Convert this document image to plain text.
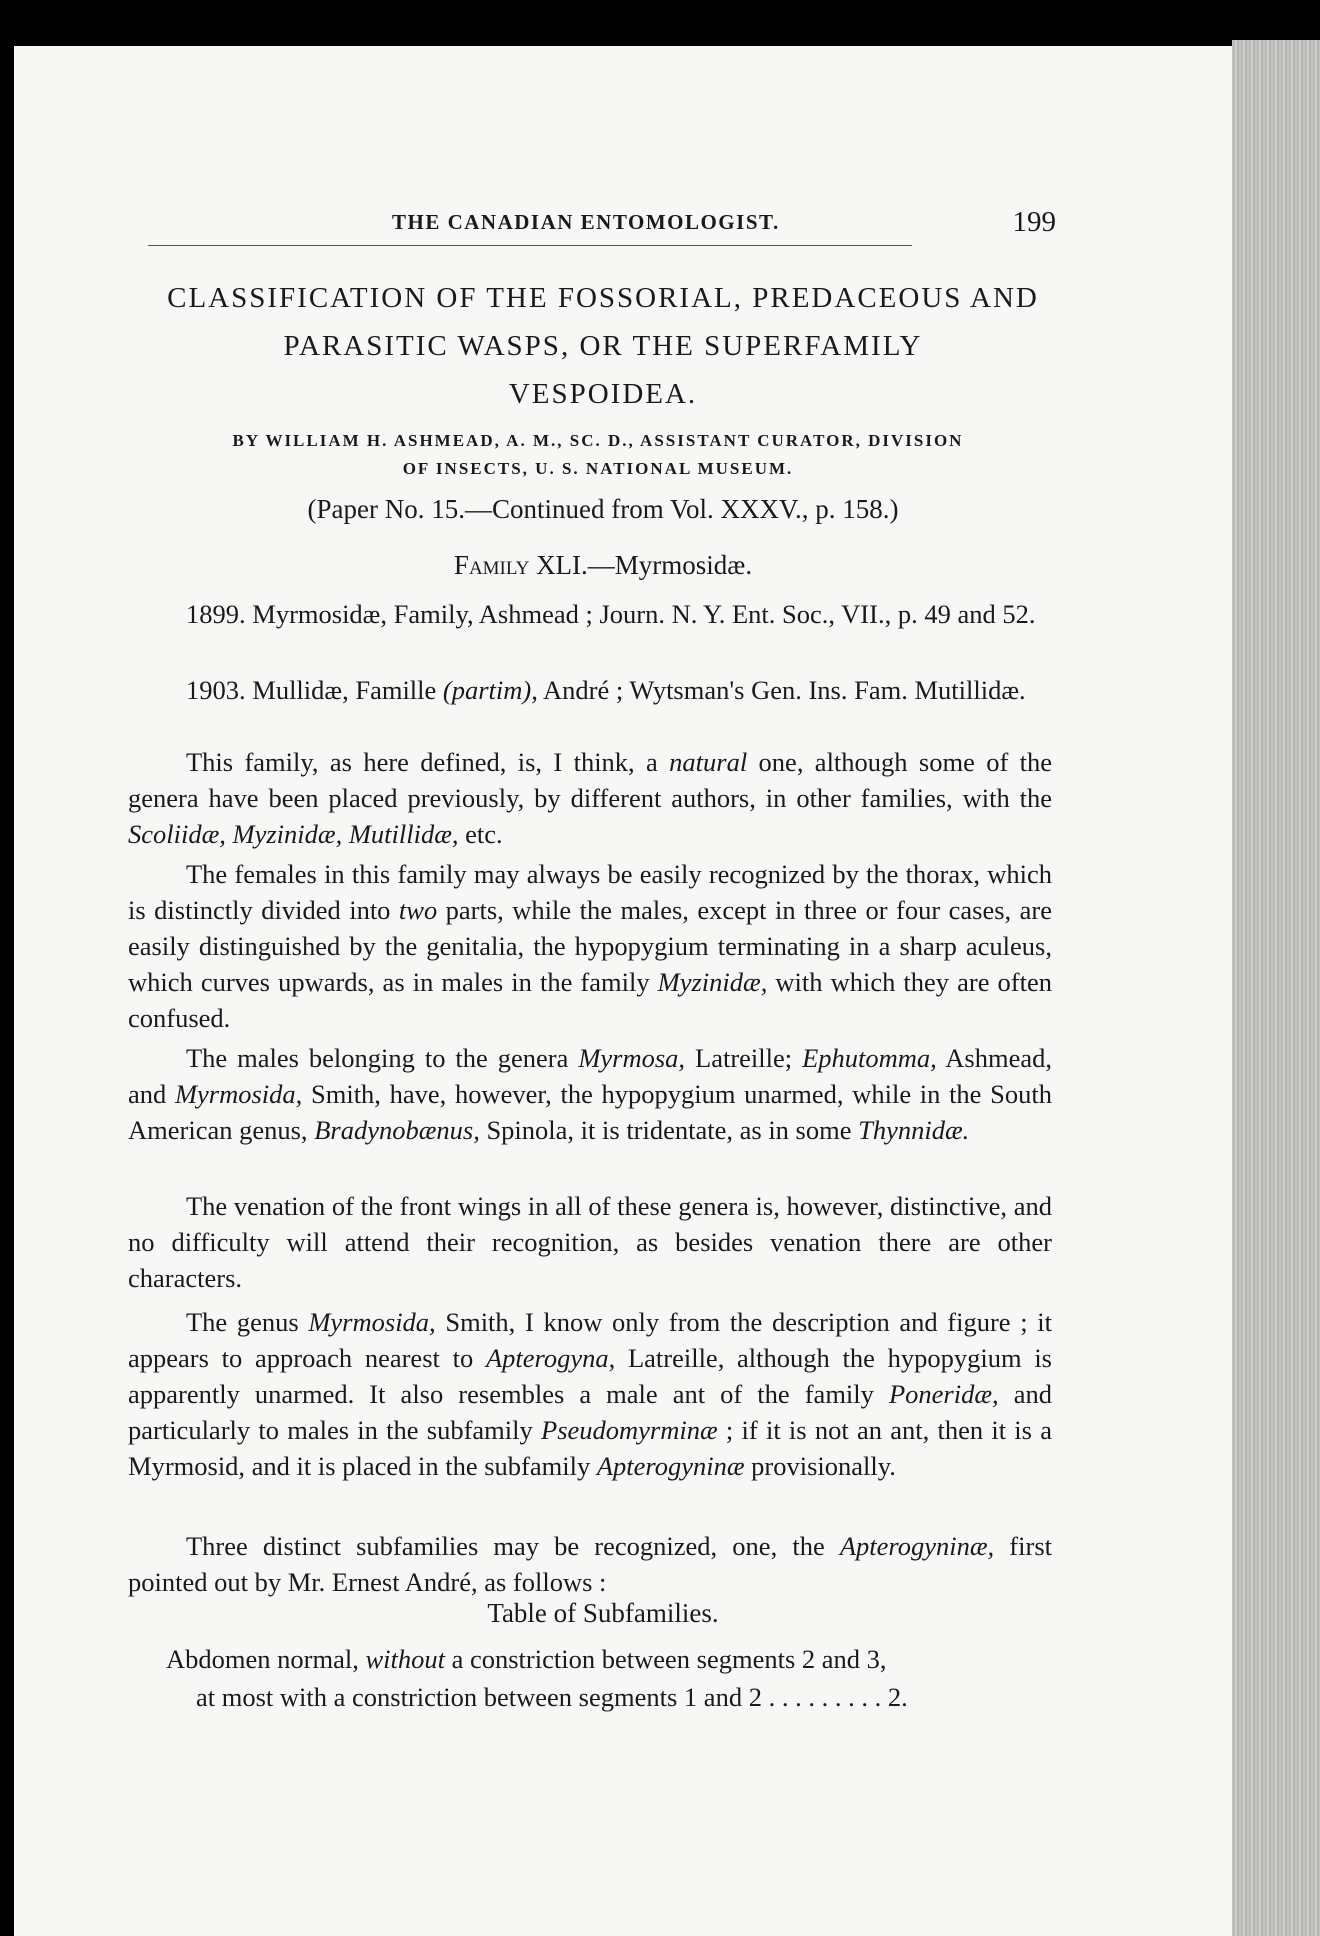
THE CANADIAN ENTOMOLOGIST.	199
CLASSIFICATION OF THE FOSSORIAL, PREDACEOUS AND
PARASITIC WASPS, OR THE SUPERFAMILY
VESPOIDEA.
BY WILLIAM H. ASHMEAD, A. M., SC. D., ASSISTANT CURATOR, DIVISION
OF INSECTS, U. S. NATIONAL MUSEUM.
(Paper No. 15.—Continued from Vol. XXXV., p. 158.)
Family XLI.—Myrmosidæ.
1899. Myrmosidæ, Family, Ashmead ; Journ. N. Y. Ent. Soc., VII., p. 49 and 52.
1903. Mullidæ, Famille (partim), André ; Wytsman's Gen. Ins. Fam. Mutillidæ.
This family, as here defined, is, I think, a natural one, although some of the genera have been placed previously, by different authors, in other families, with the Scoliidæ, Myzinidæ, Mutillidæ, etc.
The females in this family may always be easily recognized by the thorax, which is distinctly divided into two parts, while the males, except in three or four cases, are easily distinguished by the genitalia, the hypopygium terminating in a sharp aculeus, which curves upwards, as in males in the family Myzinidæ, with which they are often confused.
The males belonging to the genera Myrmosa, Latreille; Ephutomma, Ashmead, and Myrmosida, Smith, have, however, the hypopygium unarmed, while in the South American genus, Bradynobænus, Spinola, it is tridentate, as in some Thynnidæ.
The venation of the front wings in all of these genera is, however, distinctive, and no difficulty will attend their recognition, as besides venation there are other characters.
The genus Myrmosida, Smith, I know only from the description and figure ; it appears to approach nearest to Apterogyna, Latreille, although the hypopygium is apparently unarmed. It also resembles a male ant of the family Poneridæ, and particularly to males in the subfamily Pseudomyrminæ ; if it is not an ant, then it is a Myrmosid, and it is placed in the subfamily Apterogyninæ provisionally.
Three distinct subfamilies may be recognized, one, the Apterogyninæ, first pointed out by Mr. Ernest André, as follows :
Table of Subfamilies.
Abdomen normal, without a constriction between segments 2 and 3,
at most with a constriction between segments 1 and 2 . . . . . . . . . 2.
